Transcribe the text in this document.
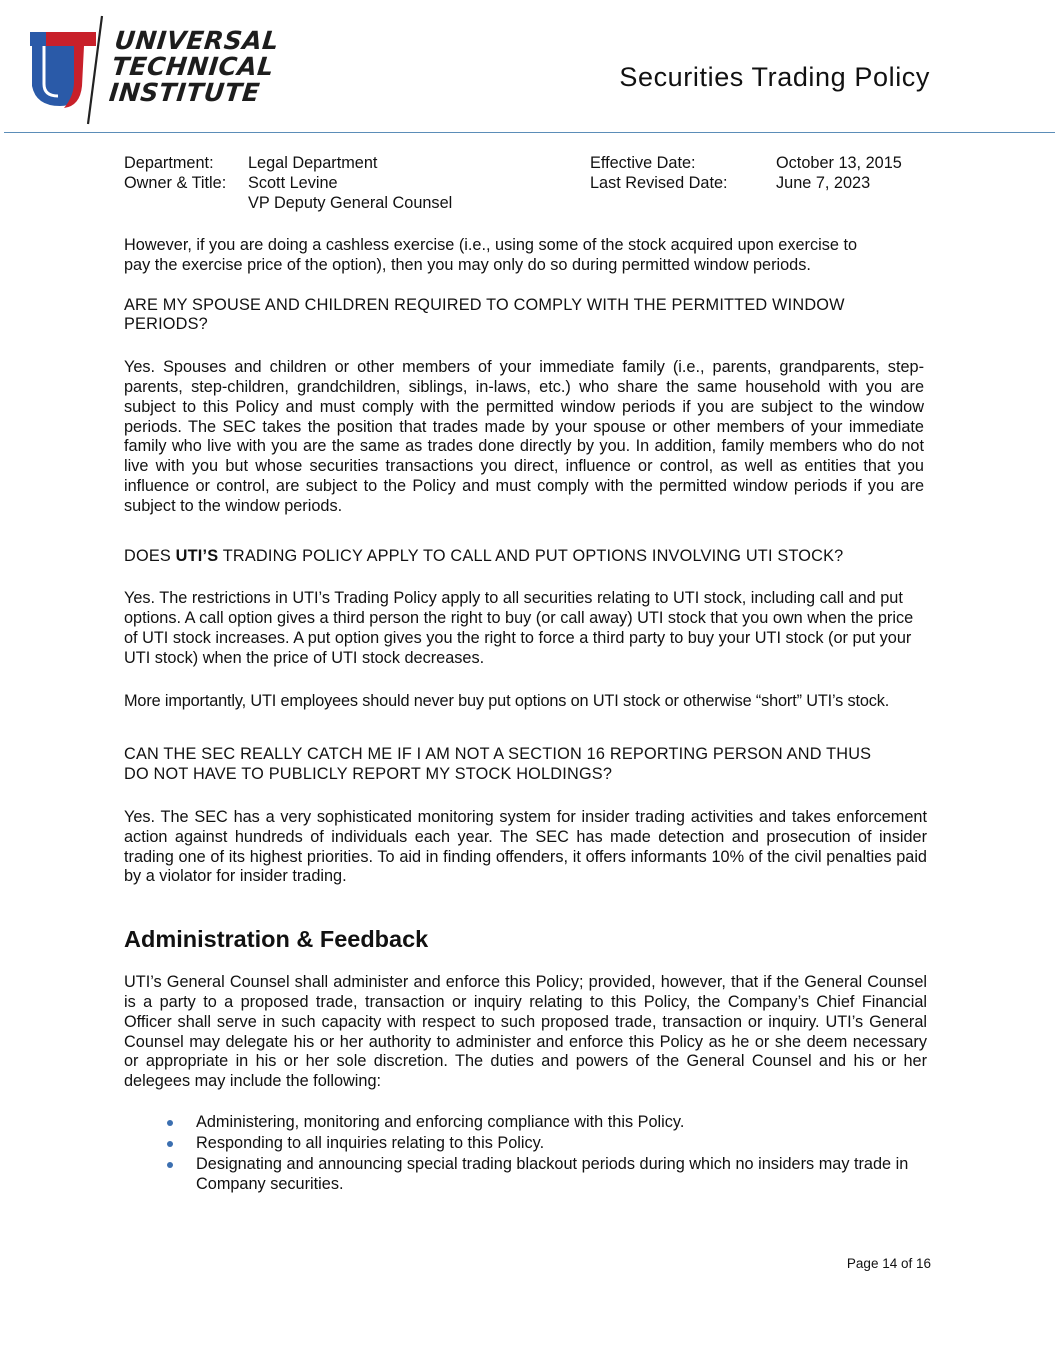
UNIVERSAL
TECHNICAL
INSTITUTE
Securities Trading Policy
Department: Legal Department	Effective Date:	October 13, 2015
Owner & Title: Scott Levine	Last Revised Date:	June 7, 2023
VP Deputy General Counsel

However, if you are doing a cashless exercise (i.e., using some of the stock acquired upon exercise to pay the exercise price of the option), then you may only do so during permitted window periods.

ARE MY SPOUSE AND CHILDREN REQUIRED TO COMPLY WITH THE PERMITTED WINDOW PERIODS?

Yes. Spouses and children or other members of your immediate family (i.e., parents, grandparents, step-parents, step-children, grandchildren, siblings, in-laws, etc.) who share the same household with you are subject to this Policy and must comply with the permitted window periods if you are subject to the window periods. The SEC takes the position that trades made by your spouse or other members of your immediate family who live with you are the same as trades done directly by you. In addition, family members who do not live with you but whose securities transactions you direct, influence or control, as well as entities that you influence or control, are subject to the Policy and must comply with the permitted window periods if you are subject to the window periods.

DOES UTI’S TRADING POLICY APPLY TO CALL AND PUT OPTIONS INVOLVING UTI STOCK?

Yes. The restrictions in UTI’s Trading Policy apply to all securities relating to UTI stock, including call and put options. A call option gives a third person the right to buy (or call away) UTI stock that you own when the price of UTI stock increases. A put option gives you the right to force a third party to buy your UTI stock (or put your UTI stock) when the price of UTI stock decreases.

More importantly, UTI employees should never buy put options on UTI stock or otherwise “short” UTI’s stock.

CAN THE SEC REALLY CATCH ME IF I AM NOT A SECTION 16 REPORTING PERSON AND THUS DO NOT HAVE TO PUBLICLY REPORT MY STOCK HOLDINGS?

Yes. The SEC has a very sophisticated monitoring system for insider trading activities and takes enforcement action against hundreds of individuals each year. The SEC has made detection and prosecution of insider trading one of its highest priorities. To aid in finding offenders, it offers informants 10% of the civil penalties paid by a violator for insider trading.

Administration & Feedback

UTI’s General Counsel shall administer and enforce this Policy; provided, however, that if the General Counsel is a party to a proposed trade, transaction or inquiry relating to this Policy, the Company’s Chief Financial Officer shall serve in such capacity with respect to such proposed trade, transaction or inquiry. UTI’s General Counsel may delegate his or her authority to administer and enforce this Policy as he or she deem necessary or appropriate in his or her sole discretion. The duties and powers of the General Counsel and his or her delegees may include the following:

Administering, monitoring and enforcing compliance with this Policy.
Responding to all inquiries relating to this Policy.
Designating and announcing special trading blackout periods during which no insiders may trade in Company securities.
Page 14 of 16
